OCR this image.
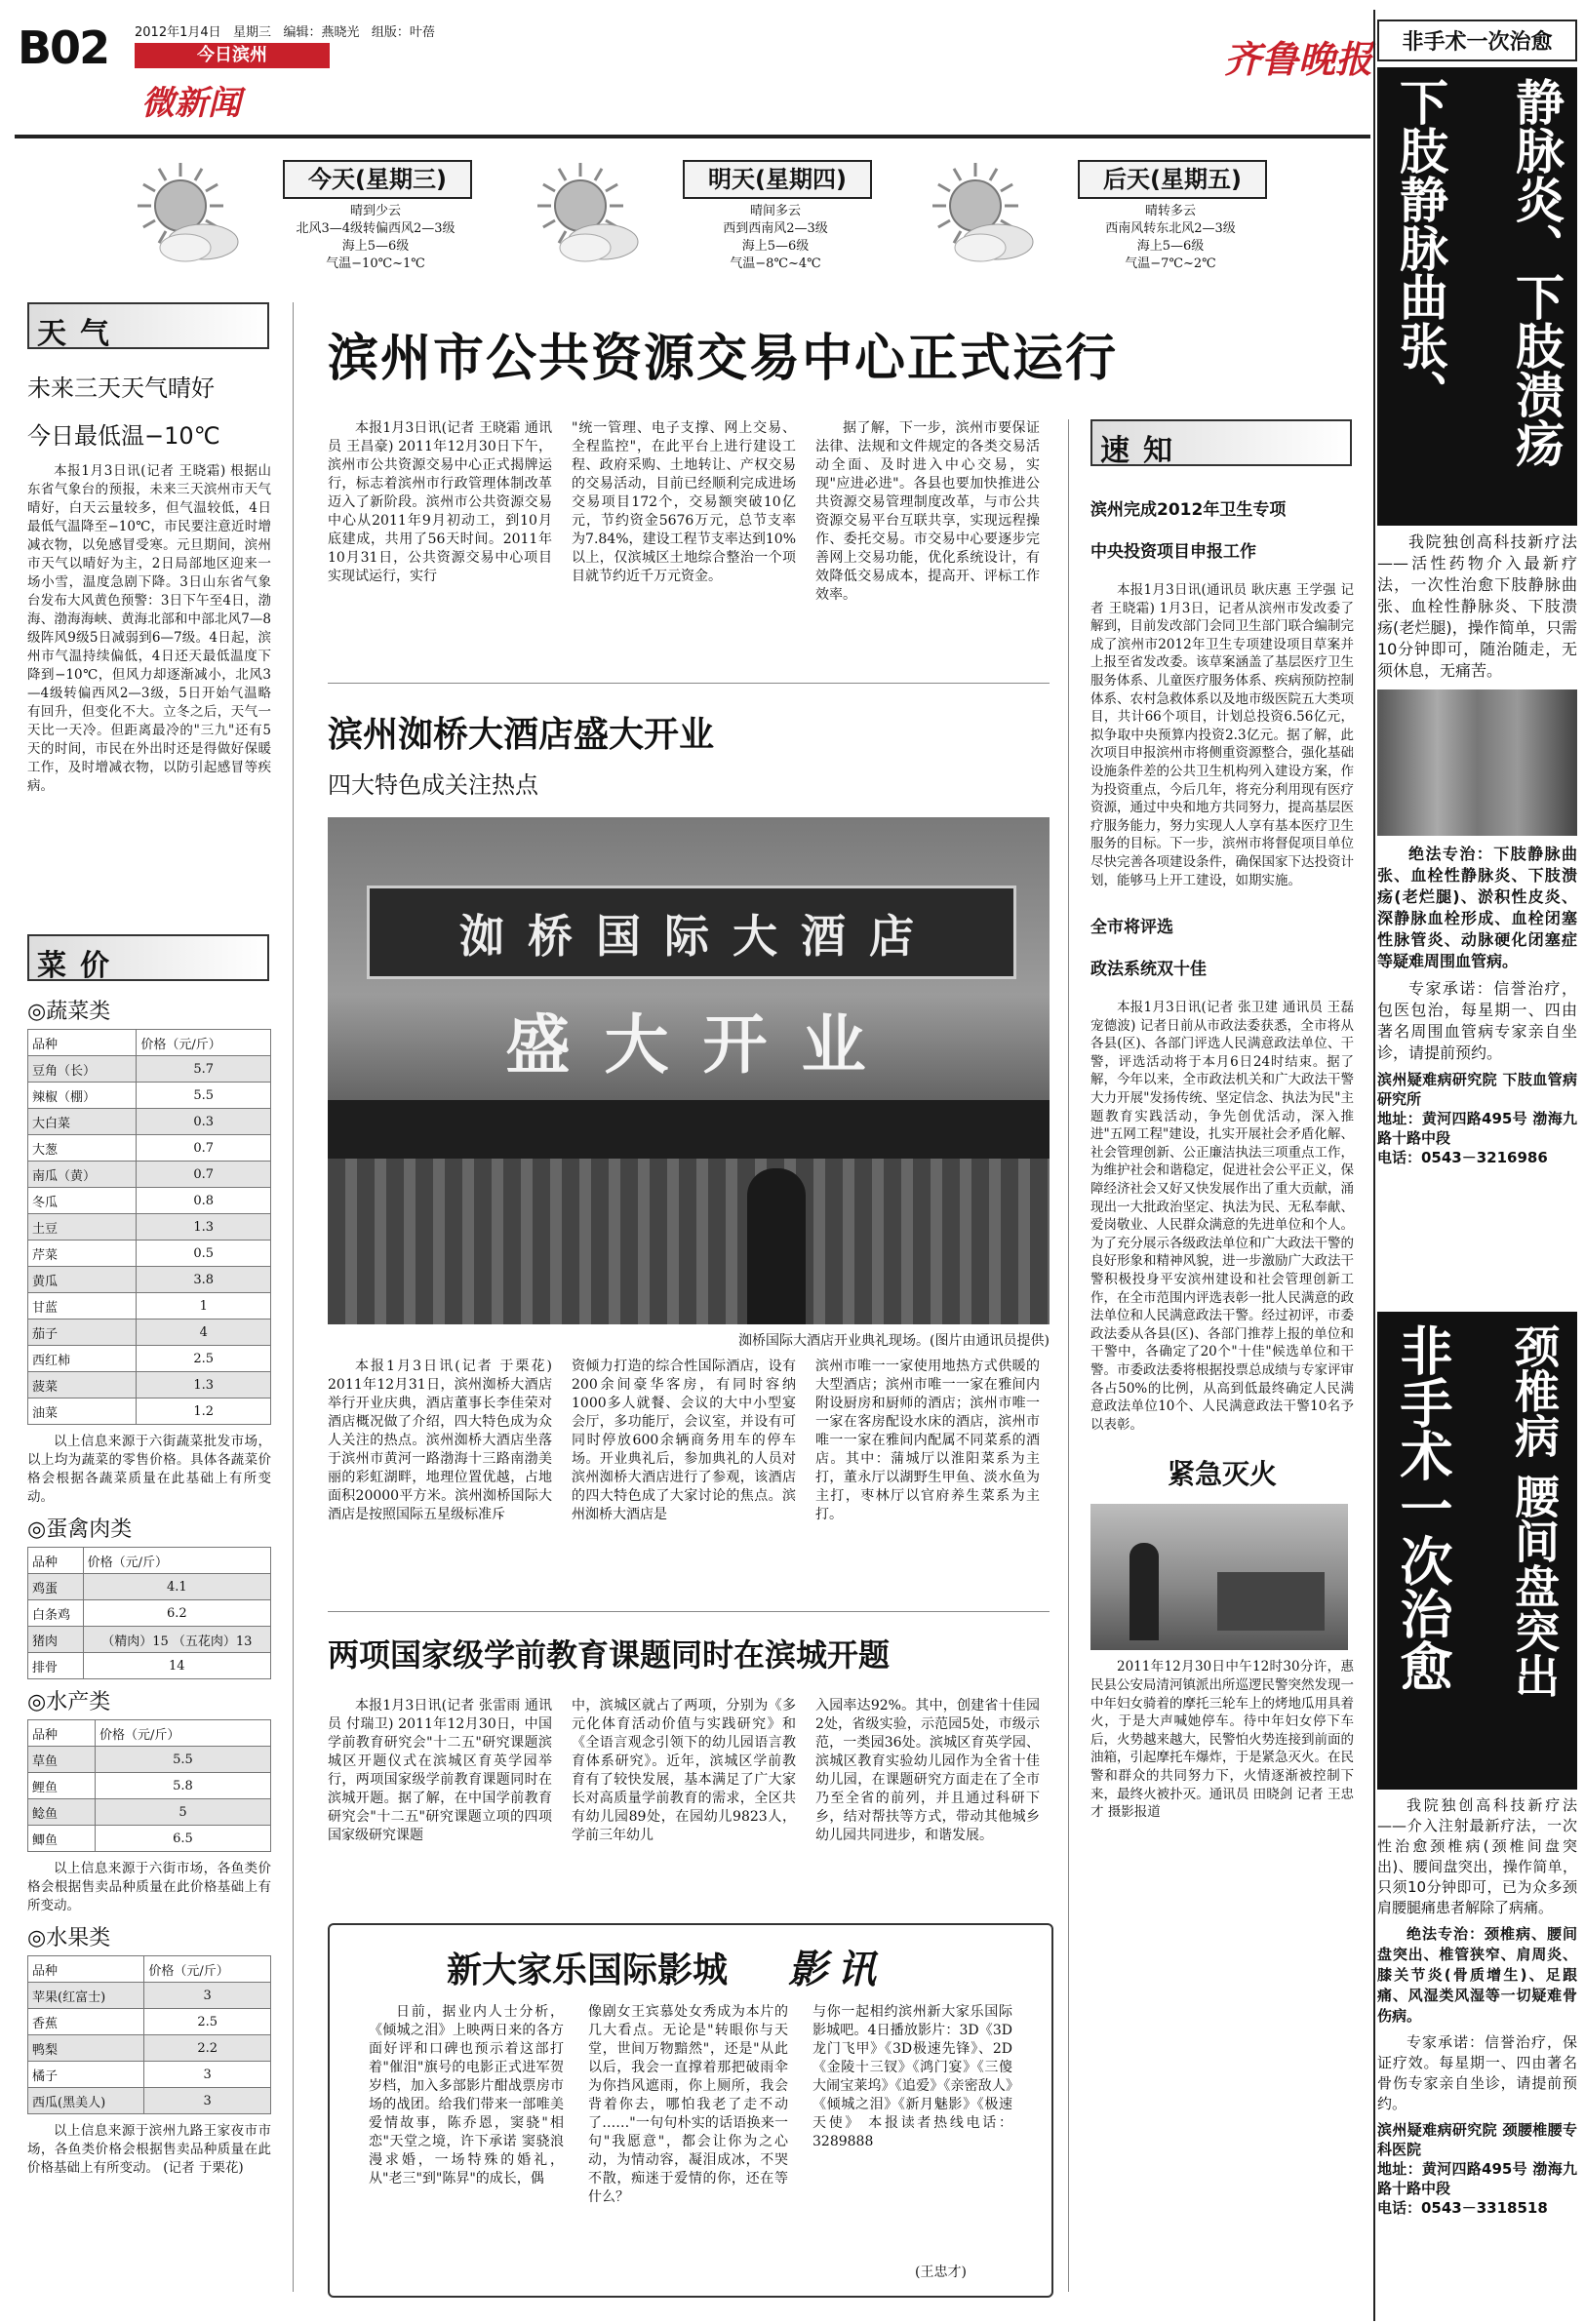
B02 2012年1月4日 星期三 编辑：燕晓光 组版：叶蓓
今日滨州
微新闻
齐鲁晚报
今天(星期三)
晴到少云
北风3—4级转偏西风2—3级
海上5—6级
气温−10℃~1℃
明天(星期四)
晴间多云
西到西南风2—3级
海上5—6级
气温−8℃~4℃
后天(星期五)
晴转多云
西南风转东北风2—3级
海上5—6级
气温−7℃~2℃
天气
未来三天天气晴好
今日最低温−10℃

本报1月3日讯(记者 王晓霜) 根据山东省气象台的预报，未来三天滨州市天气晴好，白天云量较多，但气温较低，4日最低气温降至−10℃，市民要注意近时增减衣物，以免感冒受寒。元旦期间，滨州市天气以晴好为主，2日局部地区迎来一场小雪，温度急剧下降。3日山东省气象台发布大风黄色预警：3日下午至4日，渤海、渤海海峡、黄海北部和中部北风7—8级阵风9级5日减弱到6—7级。4日起，滨州市气温持续偏低，4日还天最低温度下降到−10℃，但风力却逐渐减小，北风3—4级转偏西风2—3级，5日开始气温略有回升，但变化不大。立冬之后，天气一天比一天冷。但距离最冷的"三九"还有5天的时间，市民在外出时还是得做好保暖工作，及时增减衣物，以防引起感冒等疾病。

菜价
◎蔬菜类
品种	价格（元/斤）
豆角（长）	5.7
辣椒（棚）	5.5
大白菜	0.3
大葱	0.7
南瓜（黄）	0.7
冬瓜	0.8
土豆	1.3
芹菜	0.5
黄瓜	3.8
甘蓝	1
茄子	4
西红柿	2.5
菠菜	1.3
油菜	1.2

以上信息来源于六街蔬菜批发市场，以上均为蔬菜的零售价格。具体各蔬菜价格会根据各蔬菜质量在此基础上有所变动。

◎蛋禽肉类
品种	价格（元/斤）
鸡蛋	4.1
白条鸡	6.2
猪肉	（精肉）15 （五花肉）13
排骨	14
◎水产类
品种	价格（元/斤）
草鱼	5.5
鲤鱼	5.8
鲶鱼	5
鲫鱼	6.5

以上信息来源于六街市场，各鱼类价格会根据售卖品种质量在此价格基础上有所变动。

◎水果类
品种	价格（元/斤）
苹果(红富士)	3
香蕉	2.5
鸭梨	2.2
橘子	3
西瓜(黑美人)	3

以上信息来源于滨州九路王家夜市市场，各鱼类价格会根据售卖品种质量在此价格基础上有所变动。 (记者 于栗花)

滨州市公共资源交易中心正式运行

本报1月3日讯(记者 王晓霜 通讯员 王昌豪) 2011年12月30日下午，滨州市公共资源交易中心正式揭牌运行，标志着滨州市行政管理体制改革迈入了新阶段。滨州市公共资源交易中心从2011年9月初动工，到10月底建成，共用了56天时间。2011年10月31日，公共资源交易中心项目实现试运行，实行

"统一管理、电子支撑、网上交易、全程监控"，在此平台上进行建设工程、政府采购、土地转让、产权交易的交易活动，目前已经顺利完成进场交易项目172个，交易额突破10亿元，节约资金5676万元，总节支率为7.84%，建设工程节支率达到10%以上，仅滨城区土地综合整治一个项目就节约近千万元资金。

据了解，下一步，滨州市要保证法律、法规和文件规定的各类交易活动全面、及时进入中心交易，实现"应进必进"。各县也要加快推进公共资源交易管理制度改革，与市公共资源交易平台互联共享，实现远程操作、委托交易。市交易中心要逐步完善网上交易功能，优化系统设计，有效降低交易成本，提高开、评标工作效率。

滨州洳桥大酒店盛大开业
四大特色成关注热点
洳 桥 国 际 大 酒 店
盛 大 开 业
洳桥国际大酒店开业典礼现场。(图片由通讯员提供)

本报1月3日讯(记者 于栗花) 2011年12月31日，滨州洳桥大酒店举行开业庆典，酒店董事长李佳荣对酒店概况做了介绍，四大特色成为众人关注的热点。滨州洳桥大酒店坐落于滨州市黄河一路渤海十三路南渤美丽的彩虹湖畔，地理位置优越，占地面积20000平方米。滨州洳桥国际大酒店是按照国际五星级标准斥

资倾力打造的综合性国际酒店，设有200余间豪华客房，有同时容纳1000多人就餐、会议的大中小型宴会厅，多功能厅，会议室，并设有可同时停放600余辆商务用车的停车场。开业典礼后，参加典礼的人员对滨州洳桥大酒店进行了参观，该酒店的四大特色成了大家讨论的焦点。滨州洳桥大酒店是

滨州市唯一一家使用地热方式供暖的大型酒店；滨州市唯一一家在雅间内附设厨房和厨师的酒店；滨州市唯一一家在客房配设水床的酒店，滨州市唯一一家在雅间内配属不同菜系的酒店。其中：蒲城厅以淮阳菜系为主打，董永厅以湖野生甲鱼、淡水鱼为主打，枣林厅以官府养生菜系为主打。

两项国家级学前教育课题同时在滨城开题

本报1月3日讯(记者 张雷雨 通讯员 付瑞卫) 2011年12月30日，中国学前教育研究会"十二五"研究课题滨城区开题仪式在滨城区育英学园举行，两项国家级学前教育课题同时在滨城开题。据了解，在中国学前教育研究会"十二五"研究课题立项的四项国家级研究课题

中，滨城区就占了两项，分别为《多元化体育活动价值与实践研究》和《全语言观念引领下的幼儿园语言教育体系研究》。近年，滨城区学前教育有了较快发展，基本满足了广大家长对高质量学前教育的需求，全区共有幼儿园89处，在园幼儿9823人，学前三年幼儿

入园率达92%。其中，创建省十佳园2处，省级实验，示范园5处，市级示范，一类园36处。滨城区育英学园、滨城区教育实验幼儿园作为全省十佳幼儿园，在课题研究方面走在了全市乃至全省的前列，并且通过科研下乡，结对帮扶等方式，带动其他城乡幼儿园共同进步，和谐发展。

新大家乐国际影城 影讯

日前，据业内人士分析，《倾城之泪》上映两日来的各方面好评和口碑也预示着这部打着"催泪"旗号的电影正式进军贺岁档，加入多部影片酣战票房市场的战团。给我们带来一部唯美爱情故事，陈乔恩，窦骁"相恋"天堂之境，许下承诺 窦骁浪漫求婚，一场特殊的婚礼，从"老三"到"陈昇"的成长，偶

像剧女王宾慕处女秀成为本片的几大看点。无论是"转眼你与天堂，世间万物黯然"，还是"从此以后，我会一直撑着那把破雨伞为你挡风遮雨，你上厕所，我会背着你去，哪怕我老了走不动了……"一句句朴实的话语换来一句"我愿意"，都会让你为之心动，为情动容，凝泪成冰，不哭不散，痴迷于爱情的你，还在等什么？

与你一起相约滨州新大家乐国际影城吧。4日播放影片：3D《3D龙门飞甲》《3D极速先锋》、2D《金陵十三钗》《鸿门宴》《三傻大闹宝莱坞》《追爱》《亲密敌人》《倾城之泪》《新月魅影》《极速天使》 本报读者热线电话：3289888

(王忠才)
速知
滨州完成2012年卫生专项
中央投资项目申报工作

本报1月3日讯(通讯员 耿庆惠 王学强 记者 王晓霜) 1月3日，记者从滨州市发改委了解到，目前发改部门会同卫生部门联合编制完成了滨州市2012年卫生专项建设项目草案并上报至省发改委。该草案涵盖了基层医疗卫生服务体系、儿童医疗服务体系、疾病预防控制体系、农村急救体系以及地市级医院五大类项目，共计66个项目，计划总投资6.56亿元，拟争取中央预算内投资2.3亿元。据了解，此次项目申报滨州市将侧重资源整合，强化基础设施条件差的公共卫生机构列入建设方案，作为投资重点，今后几年，将充分利用现有医疗资源，通过中央和地方共同努力，提高基层医疗服务能力，努力实现人人享有基本医疗卫生服务的目标。下一步，滨州市将督促项目单位尽快完善各项建设条件，确保国家下达投资计划，能够马上开工建设，如期实施。

全市将评选
政法系统双十佳

本报1月3日讯(记者 张卫建 通讯员 王磊 宠德波) 记者日前从市政法委获悉，全市将从各县(区)、各部门评选人民满意政法单位、干警，评选活动将于本月6日24时结束。据了解，今年以来，全市政法机关和广大政法干警大力开展"发扬传统、坚定信念、执法为民"主题教育实践活动，争先创优活动，深入推进"五网工程"建设，扎实开展社会矛盾化解、社会管理创新、公正廉洁执法三项重点工作，为维护社会和谐稳定，促进社会公平正义，保障经济社会又好又快发展作出了重大贡献，涌现出一大批政治坚定、执法为民、无私奉献、爱岗敬业、人民群众满意的先进单位和个人。为了充分展示各级政法单位和广大政法干警的良好形象和精神风貌，进一步激励广大政法干警积极投身平安滨州建设和社会管理创新工作，在全市范围内评选表彰一批人民满意的政法单位和人民满意政法干警。经过初评，市委政法委从各县(区)、各部门推荐上报的单位和干警中，各确定了20个"十佳"候选单位和干警。市委政法委将根据投票总成绩与专家评审各占50%的比例，从高到低最终确定人民满意政法单位10个、人民满意政法干警10名予以表彰。

紧急灭火

2011年12月30日中午12时30分许，惠民县公安局清河镇派出所巡逻民警突然发现一中年妇女骑着的摩托三轮车上的烤地瓜用具着火，于是大声喊她停车。待中年妇女停下车后，火势越来越大，民警怕火势连接到前面的油箱，引起摩托车爆炸，于是紧急灭火。在民警和群众的共同努力下，火情逐渐被控制下来，最终火被扑灭。通讯员 田晓剑 记者 王忠才 摄影报道

非手术一次治愈
静脉炎、下肢溃疡
下肢静脉曲张、

我院独创高科技新疗法——活性药物介入最新疗法，一次性治愈下肢静脉曲张、血栓性静脉炎、下肢溃疡(老烂腿)，操作简单，只需10分钟即可，随治随走，无须休息，无痛苦。

绝法专治：下肢静脉曲张、血栓性静脉炎、下肢溃疡(老烂腿)、淤积性皮炎、深静脉血栓形成、血栓闭塞性脉管炎、动脉硬化闭塞症等疑难周围血管病。

专家承诺：信誉治疗，包医包治，每星期一、四由著名周围血管病专家亲自坐诊，请提前预约。

滨州疑难病研究院 下肢血管病研究所

地址：黄河四路495号 渤海九路十路中段

电话：0543－3216986

颈椎病 腰间盘突出
非手术一次治愈

我院独创高科技新疗法——介入注射最新疗法，一次性治愈颈椎病(颈椎间盘突出)、腰间盘突出，操作简单，只须10分钟即可，已为众多颈肩腰腿痛患者解除了病痛。

绝法专治：颈椎病、腰间盘突出、椎管狭窄、肩周炎、膝关节炎(骨质增生)、足跟痛、风湿类风湿等一切疑难骨伤病。

专家承诺：信誉治疗，保证疗效。每星期一、四由著名骨伤专家亲自坐诊，请提前预约。

滨州疑难病研究院 颈腰椎腰专科医院

地址：黄河四路495号 渤海九路十路中段

电话：0543－3318518
